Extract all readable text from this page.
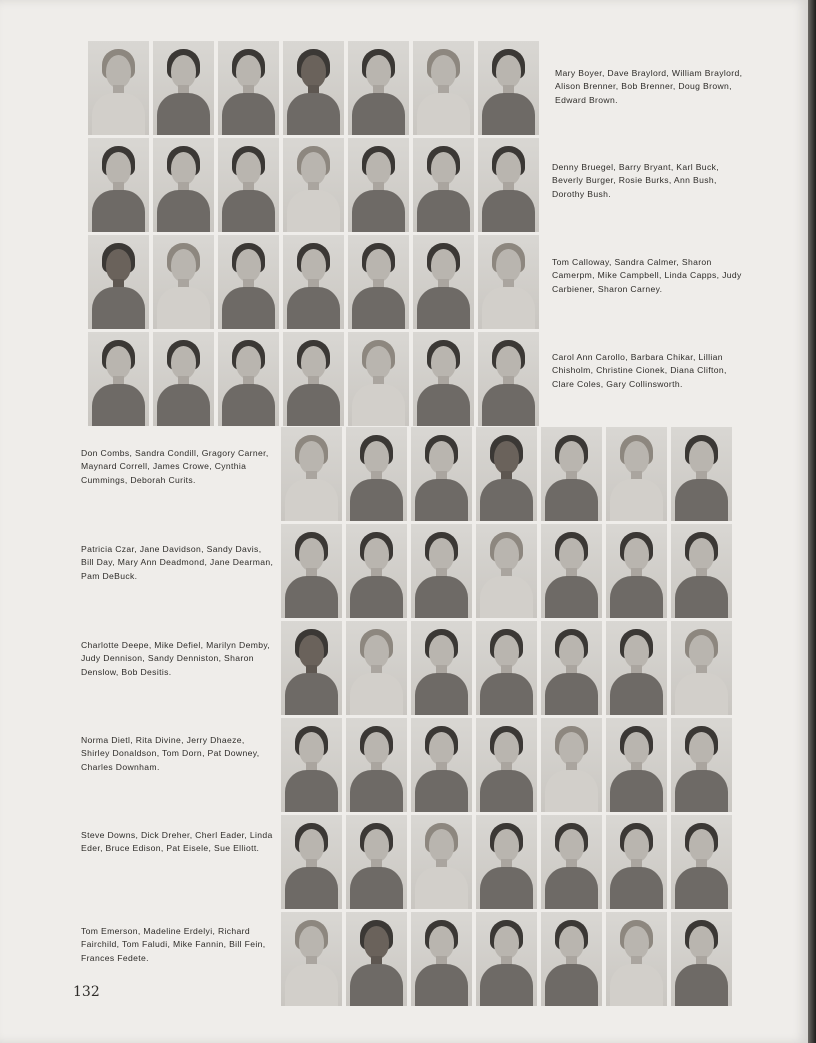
Mary Boyer, Dave Braylord, William Braylord, Alison Brenner, Bob Brenner, Doug Brown, Edward Brown.
Denny Bruegel, Barry Bryant, Karl Buck, Beverly Burger, Rosie Burks, Ann Bush, Dorothy Bush.
Tom Calloway, Sandra Calmer, Sharon Camerpm, Mike Campbell, Linda Capps, Judy Carbiener, Sharon Carney.
Carol Ann Carollo, Barbara Chikar, Lillian Chisholm, Christine Cionek, Diana Clifton, Clare Coles, Gary Collinsworth.
Don Combs, Sandra Condill, Gragory Carner, Maynard Correll, James Crowe, Cynthia Cummings, Deborah Curits.
Patricia Czar, Jane Davidson, Sandy Davis, Bill Day, Mary Ann Deadmond, Jane Dearman, Pam DeBuck.
Charlotte Deepe, Mike Defiel, Marilyn Demby, Judy Dennison, Sandy Denniston, Sharon Denslow, Bob Desitis.
Norma Dietl, Rita Divine, Jerry Dhaeze, Shirley Donaldson, Tom Dorn, Pat Downey, Charles Downham.
Steve Downs, Dick Dreher, Cherl Eader, Linda Eder, Bruce Edison, Pat Eisele, Sue Elliott.
Tom Emerson, Madeline Erdelyi, Richard Fairchild, Tom Faludi, Mike Fannin, Bill Fein, Frances Fedete.
132
